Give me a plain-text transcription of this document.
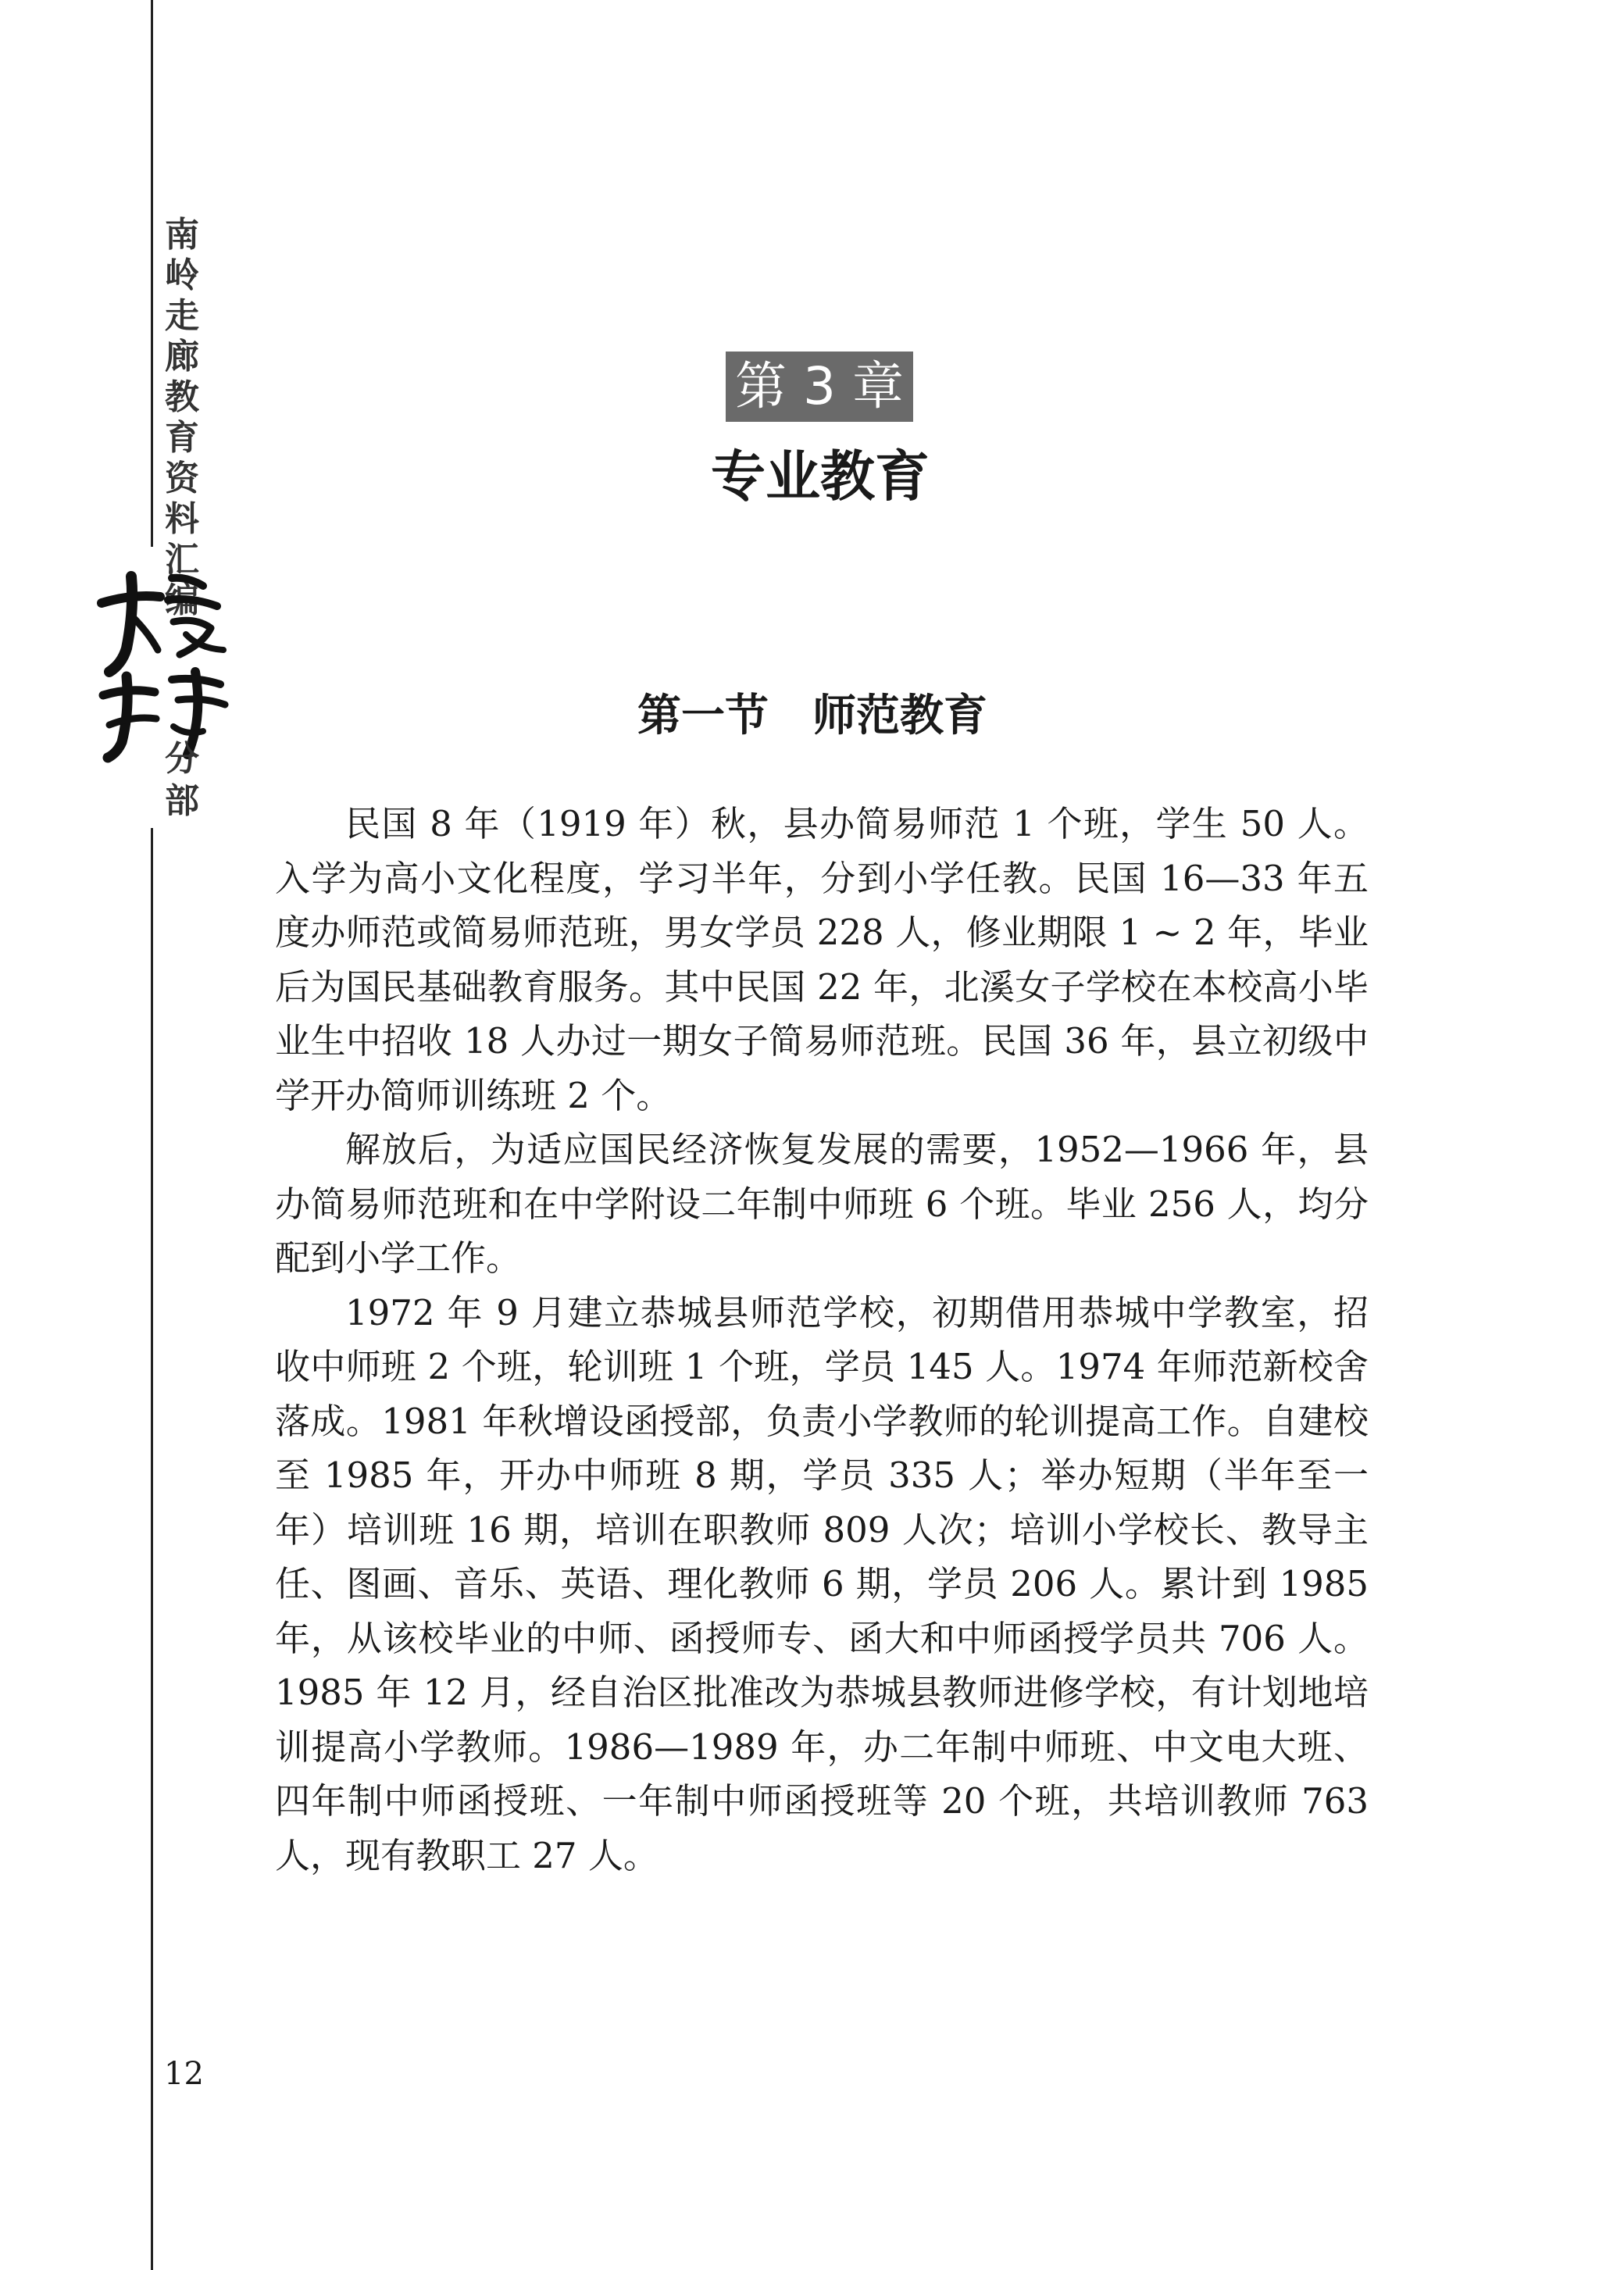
南岭走廊教育资料汇编
恭城
分部
第 3 章
专业教育
第一节　师范教育

民国 8 年（1919 年）秋，县办简易师范 1 个班，学生 50 人。入学为高小文化程度，学习半年，分到小学任教。民国 16—33 年五度办师范或简易师范班，男女学员 228 人，修业期限 1 ~ 2 年，毕业后为国民基础教育服务。其中民国 22 年，北溪女子学校在本校高小毕业生中招收 18 人办过一期女子简易师范班。民国 36 年，县立初级中学开办简师训练班 2 个。

解放后，为适应国民经济恢复发展的需要，1952—1966 年，县办简易师范班和在中学附设二年制中师班 6 个班。毕业 256 人，均分配到小学工作。

1972 年 9 月建立恭城县师范学校，初期借用恭城中学教室，招收中师班 2 个班，轮训班 1 个班，学员 145 人。1974 年师范新校舍落成。1981 年秋增设函授部，负责小学教师的轮训提高工作。自建校至 1985 年，开办中师班 8 期，学员 335 人；举办短期（半年至一年）培训班 16 期，培训在职教师 809 人次；培训小学校长、教导主任、图画、音乐、英语、理化教师 6 期，学员 206 人。累计到 1985 年，从该校毕业的中师、函授师专、函大和中师函授学员共 706 人。1985 年 12 月，经自治区批准改为恭城县教师进修学校，有计划地培训提高小学教师。1986—1989 年，办二年制中师班、中文电大班、四年制中师函授班、一年制中师函授班等 20 个班，共培训教师 763 人，现有教职工 27 人。

12
